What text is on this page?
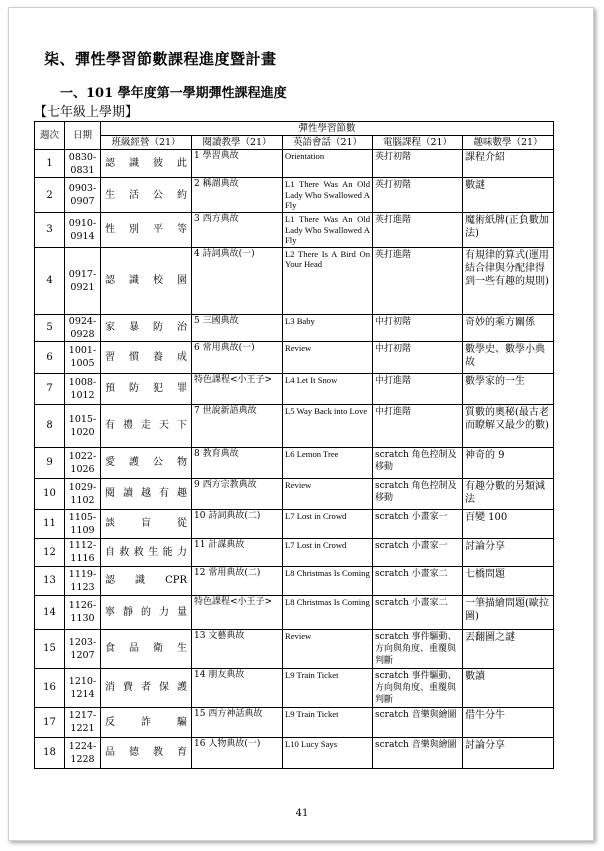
柒、彈性學習節數課程進度暨計畫
一、101 學年度第一學期彈性課程進度
【七年級上學期】
週次	日期	彈性學習節數				
		班級經營（21）	閱讀教學（21）	英語會話（21）	電腦課程（21）	趣味數學（21）
1	0830-0831	認識彼此	1 學習典故	Orientation	英打初階	課程介紹
2	0903-0907	生活公約	2 稱謂典故	L1 There Was An Old Lady Who Swallowed A Fly	英打初階	數謎
3	0910-0914	性別平等	3 西方典故	L1 There Was An Old Lady Who Swallowed A Fly	英打進階	魔術紙牌(正負數加法)
4	0917-0921	認識校園	4 詩詞典故(一)	L2 There Is A Bird On Your Head	英打進階	有規律的算式(運用結合律與分配律得到一些有趣的規則)
5	0924-0928	家暴防治	5 三國典故	L3 Baby	中打初階	奇妙的乘方關係
6	1001-1005	習慣養成	6 常用典故(一)	Review	中打初階	數學史、數學小典故
7	1008-1012	預防犯罪	特色課程<小王子>	L4 Let It Snow	中打進階	數學家的一生
8	1015-1020	有禮走天下	7 世說新語典故	L5 Way Back into Love	中打進階	質數的奧秘(最古老而瞭解又最少的數)
9	1022-1026	愛護公物	8 教育典故	L6 Lemon Tree	scratch 角色控制及移動	神奇的 9
10	1029-1102	閱讀越有趣	9 西方宗教典故	Review	scratch 角色控制及移動	有趣分數的另類減法
11	1105-1109	談盲從	10 詩詞典故(二)	L7 Lost in Crowd	scratch 小畫家一	百變 100
12	1112-1116	自救救生能力	11 計謀典故	L7 Lost in Crowd	scratch 小畫家一	討論分享
13	1119-1123	認識CPR	12 常用典故(二)	L8 Christmas Is Coming	scratch 小畫家二	七橋問題
14	1126-1130	寧靜的力量	特色課程<小王子>	L8 Christmas Is Coming	scratch 小畫家二	一筆描繪問題(歐拉圖)
15	1203-1207	食品衛生	13 文藝典故	Review	scratch 事件驅動、方向與角度、重覆與判斷	丟翻圖之謎
16	1210-1214	消費者保護	14 朋友典故	L9 Train Ticket	scratch 事件驅動、方向與角度、重覆與判斷	數讀
17	1217-1221	反詐騙	15 西方神話典故	L9 Train Ticket	scratch 音樂與繪圖	借牛分牛
18	1224-1228	品德教育	16 人物典故(一)	L10 Lucy Says	scratch 音樂與繪圖	討論分享
41
